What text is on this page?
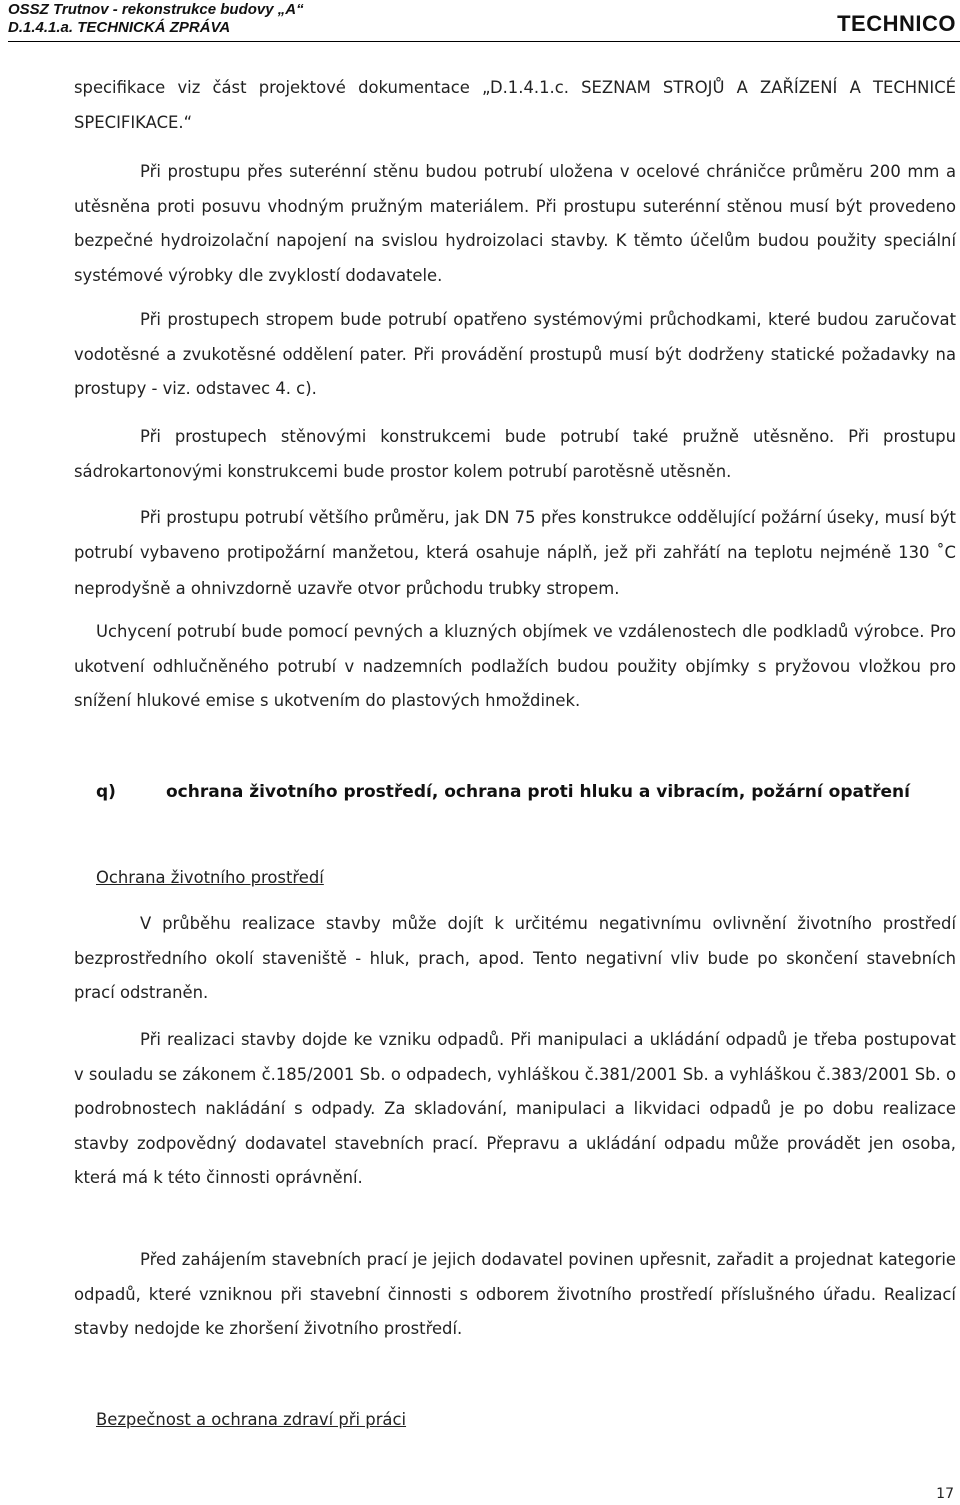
OSSZ Trutnov - rekonstrukce budovy „A“
D.1.4.1.a. TECHNICKÁ ZPRÁVA	TECHNICO

specifikace viz část projektové dokumentace „D.1.4.1.c. SEZNAM STROJŮ A ZAŘÍZENÍ A TECHNICÉ SPECIFIKACE.“

Při prostupu přes suterénní stěnu budou potrubí uložena v ocelové chráničce průměru 200 mm a utěsněna proti posuvu vhodným pružným materiálem. Při prostupu suterénní stěnou musí být provedeno bezpečné hydroizolační napojení na svislou hydroizolaci stavby. K těmto účelům budou použity speciální systémové výrobky dle zvyklostí dodavatele.

Při prostupech stropem bude potrubí opatřeno systémovými průchodkami, které budou zaručovat vodotěsné a zvukotěsné oddělení pater. Při provádění prostupů musí být dodrženy statické požadavky na prostupy - viz. odstavec 4. c).

Při prostupech stěnovými konstrukcemi bude potrubí také pružně utěsněno. Při prostupu sádrokartonovými konstrukcemi bude prostor kolem potrubí parotěsně utěsněn.

Při prostupu potrubí většího průměru, jak DN 75 přes konstrukce oddělující požární úseky, musí být potrubí vybaveno protipožární manžetou, která osahuje náplň, jež při zahřátí na teplotu nejméně 130 ˚C neprodyšně a ohnivzdorně uzavře otvor průchodu trubky stropem.

Uchycení potrubí bude pomocí pevných a kluzných objímek ve vzdálenostech dle podkladů výrobce. Pro ukotvení odhlučněného potrubí v nadzemních podlažích budou použity objímky s pryžovou vložkou pro snížení hlukové emise s ukotvením do plastových hmoždinek.

q)	ochrana životního prostředí, ochrana proti hluku a vibracím, požární opatření
Ochrana životního prostředí

V průběhu realizace stavby může dojít k určitému negativnímu ovlivnění životního prostředí bezprostředního okolí staveniště - hluk, prach, apod. Tento negativní vliv bude po skončení stavebních prací odstraněn.

Při realizaci stavby dojde ke vzniku odpadů. Při manipulaci a ukládání odpadů je třeba postupovat v souladu se zákonem č.185/2001 Sb. o odpadech, vyhláškou č.381/2001 Sb. a vyhláškou č.383/2001 Sb. o podrobnostech nakládání s odpady. Za skladování, manipulaci a likvidaci odpadů je po dobu realizace stavby zodpovědný dodavatel stavebních prací. Přepravu a ukládání odpadu může provádět jen osoba, která má k této činnosti oprávnění.

Před zahájením stavebních prací je jejich dodavatel povinen upřesnit, zařadit a projednat kategorie odpadů, které vzniknou při stavební činnosti s odborem životního prostředí příslušného úřadu. Realizací stavby nedojde ke zhoršení životního prostředí.

Bezpečnost a ochrana zdraví při práci
17
